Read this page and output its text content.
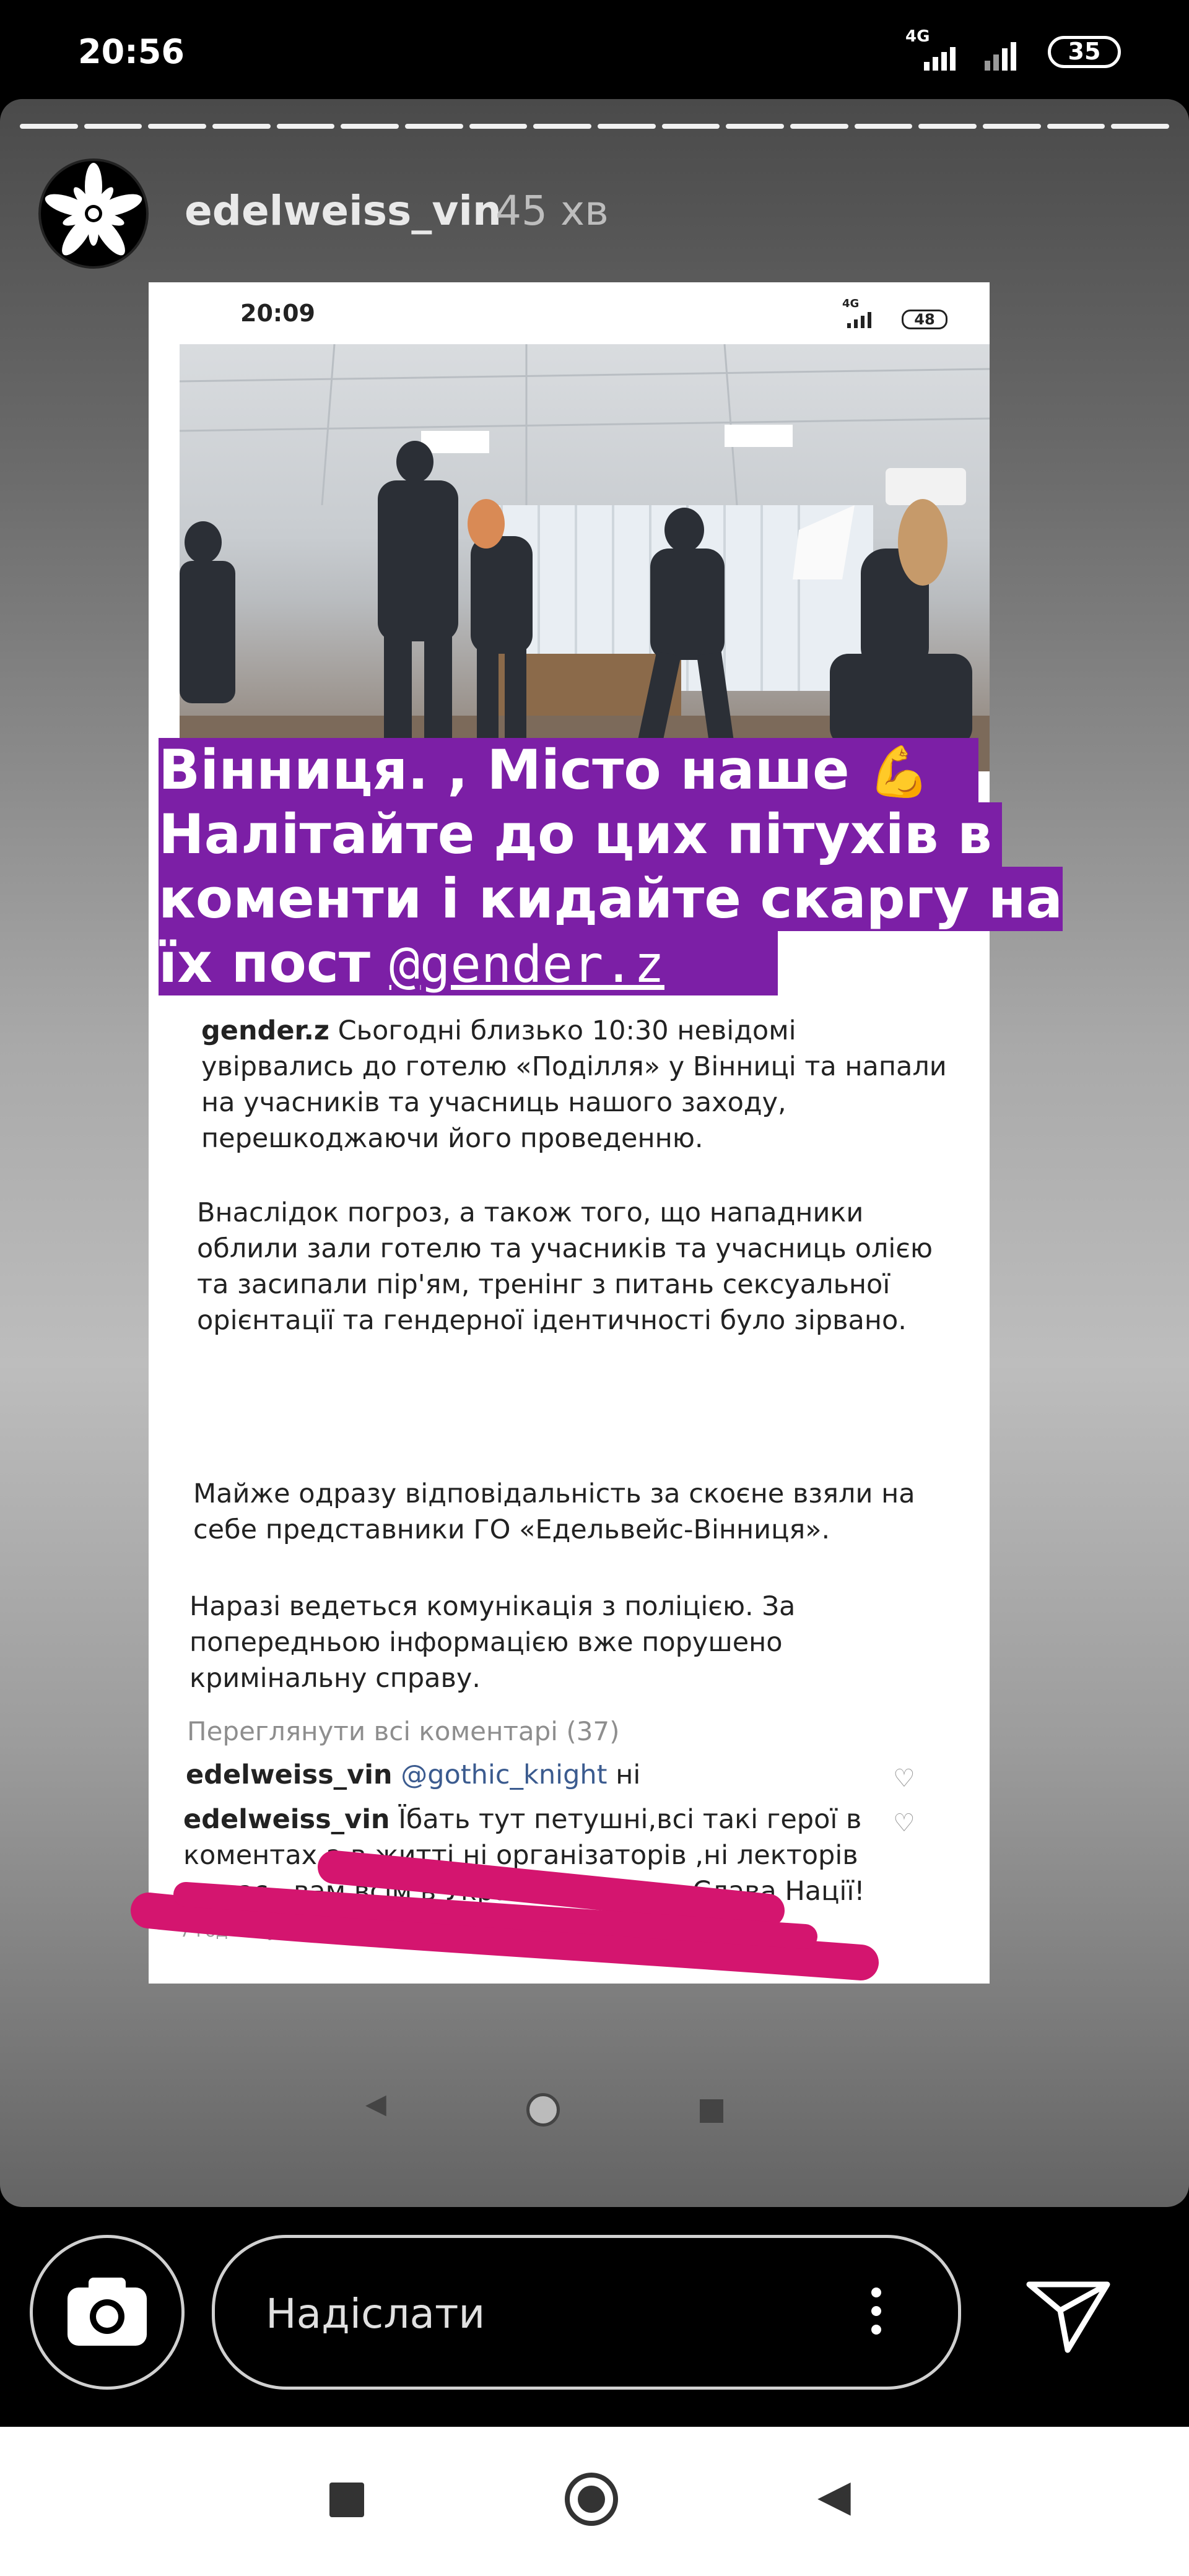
20:56	4G
35
edelweiss_vin
45 хв
20:09	4G
48
gender.z Сьогодні близько 10:30 невідомі увірвались до готелю «Поділля» у Вінниці та напали на учасників та учасниць нашого заходу, перешкоджаючи його проведенню.
Внаслідок погроз, а також того, що нападники облили зали готелю та учасників та учасниць олією та засипали пір'ям, тренінг з питань сексуальної орієнтації та гендерної ідентичності було зірвано.
Майже одразу відповідальність за скоєне взяли на себе представники ГО «Едельвейс-Вінниця».
Наразі ведеться комунікація з поліцією. За попередньою інформацією вже порушено кримінальну справу.
Переглянути всі коментарі (37)
edelweiss_vin @gothic_knight ні	♡
edelweiss_vin Їбать тут петушні,всі такі герої в коментах,а в житті ні організаторів ,ні лекторів немає , вам всім в Україні не жити , Слава Нації!
♡
7 год тому
◀
Вінниця. , Місто наше 💪
Налітайте до цих пітухів в
коменти і кидайте скаргу на
їх пост @gender.z
Надіслати
◀
